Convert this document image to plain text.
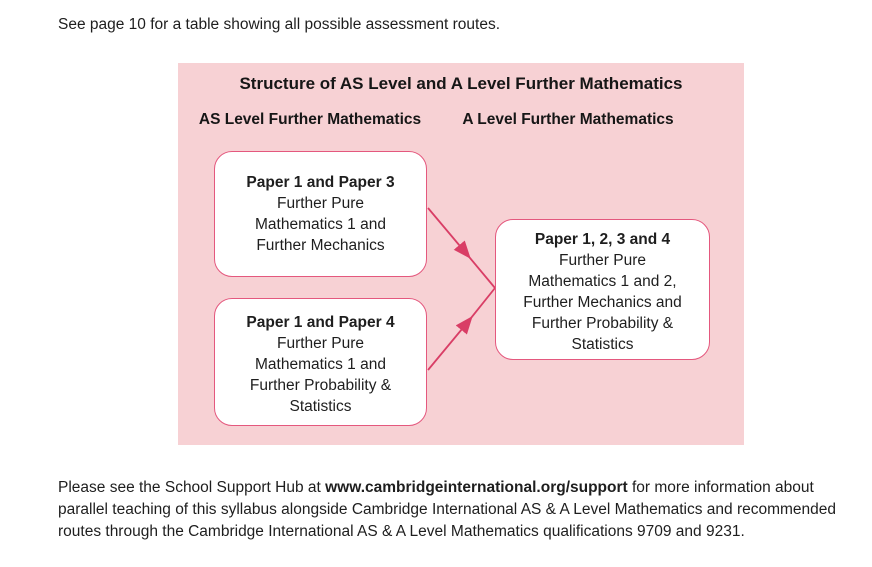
See page 10 for a table showing all possible assessment routes.
Structure of AS Level and A Level Further Mathematics
AS Level Further Mathematics	A Level Further Mathematics
Paper 1 and Paper 3
Further Pure
Mathematics 1 and
Further Mechanics
Paper 1 and Paper 4
Further Pure
Mathematics 1 and
Further Probability &
Statistics
Paper 1, 2, 3 and 4
Further Pure
Mathematics 1 and 2,
Further Mechanics and
Further Probability &
Statistics
Please see the School Support Hub at www.cambridgeinternational.org/support for more information about
parallel teaching of this syllabus alongside Cambridge International AS & A Level Mathematics and recommended
routes through the Cambridge International AS & A Level Mathematics qualifications 9709 and 9231.
